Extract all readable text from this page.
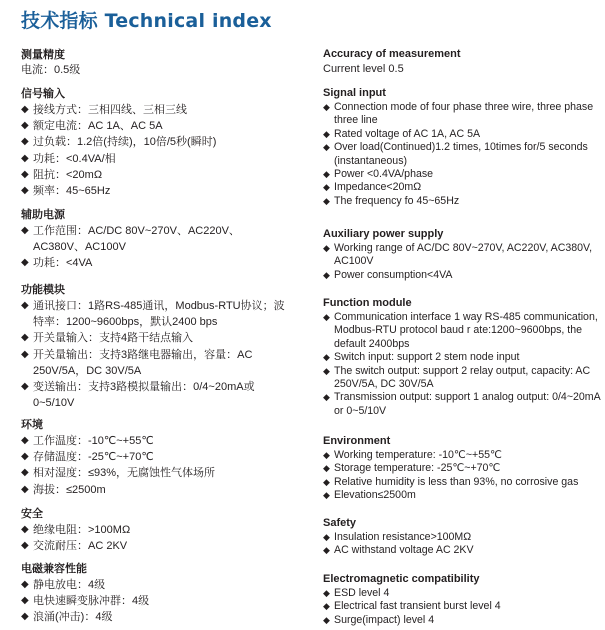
技术指标 Technical index
测量精度
电流：0.5级
信号输入
◆ 接线方式：三相四线、三相三线
◆ 额定电流：AC 1A、AC 5A
◆ 过负载：1.2倍(持续)，10倍/5秒(瞬时)
◆ 功耗：<0.4VA/相
◆ 阻抗：<20mΩ
◆ 频率：45~65Hz
辅助电源
◆ 工作范围：AC/DC 80V~270V、AC220V、AC380V、AC100V
◆ 功耗：<4VA
功能模块
◆ 通讯接口：1路RS-485通讯，Modbus-RTU协议；波特率：1200~9600bps，默认2400 bps
◆ 开关量输入：支持4路干结点输入
◆ 开关量输出：支持3路继电器输出，容量：AC 250V/5A，DC 30V/5A
◆ 变送输出：支持3路模拟量输出：0/4~20mA或0~5/10V
环境
◆ 工作温度：-10℃~+55℃
◆ 存储温度：-25℃~+70℃
◆ 相对湿度：≤93%，无腐蚀性气体场所
◆ 海拔：≤2500m
安全
◆ 绝缘电阻：>100MΩ
◆ 交流耐压：AC 2KV
电磁兼容性能
◆ 静电放电：4级
◆ 电快速瞬变脉冲群：4级
◆ 浪涌(冲击)：4级
Accuracy of measurement
Current level 0.5
Signal input
◆ Connection mode of four phase three wire, three phase three line
◆ Rated voltage of AC 1A, AC 5A
◆ Over load(Continued)1.2 times, 10times for/5 seconds (instantaneous)
◆ Power <0.4VA/phase
◆ Impedance<20mΩ
◆ The frequency fo 45~65Hz
Auxiliary power supply
◆ Working range of AC/DC 80V~270V, AC220V, AC380V, AC100V
◆ Power consumption<4VA
Function module
◆ Communication interface 1 way RS-485 communication, Modbus-RTU protocol baud r ate:1200~9600bps, the default 2400bps
◆ Switch input: support 2 stem node input
◆ The switch output: support 2 relay output, capacity: AC 250V/5A, DC 30V/5A
◆ Transmission output: support 1 analog output: 0/4~20mA or 0~5/10V
Environment
◆ Working temperature: -10℃~+55℃
◆ Storage temperature: -25℃~+70℃
◆ Relative humidity is less than 93%, no corrosive gas
◆ Elevation≤2500m
Safety
◆ Insulation resistance>100MΩ
◆ AC withstand voltage AC 2KV
Electromagnetic compatibility
◆ ESD level 4
◆ Electrical fast transient burst level 4
◆ Surge(impact) level 4
